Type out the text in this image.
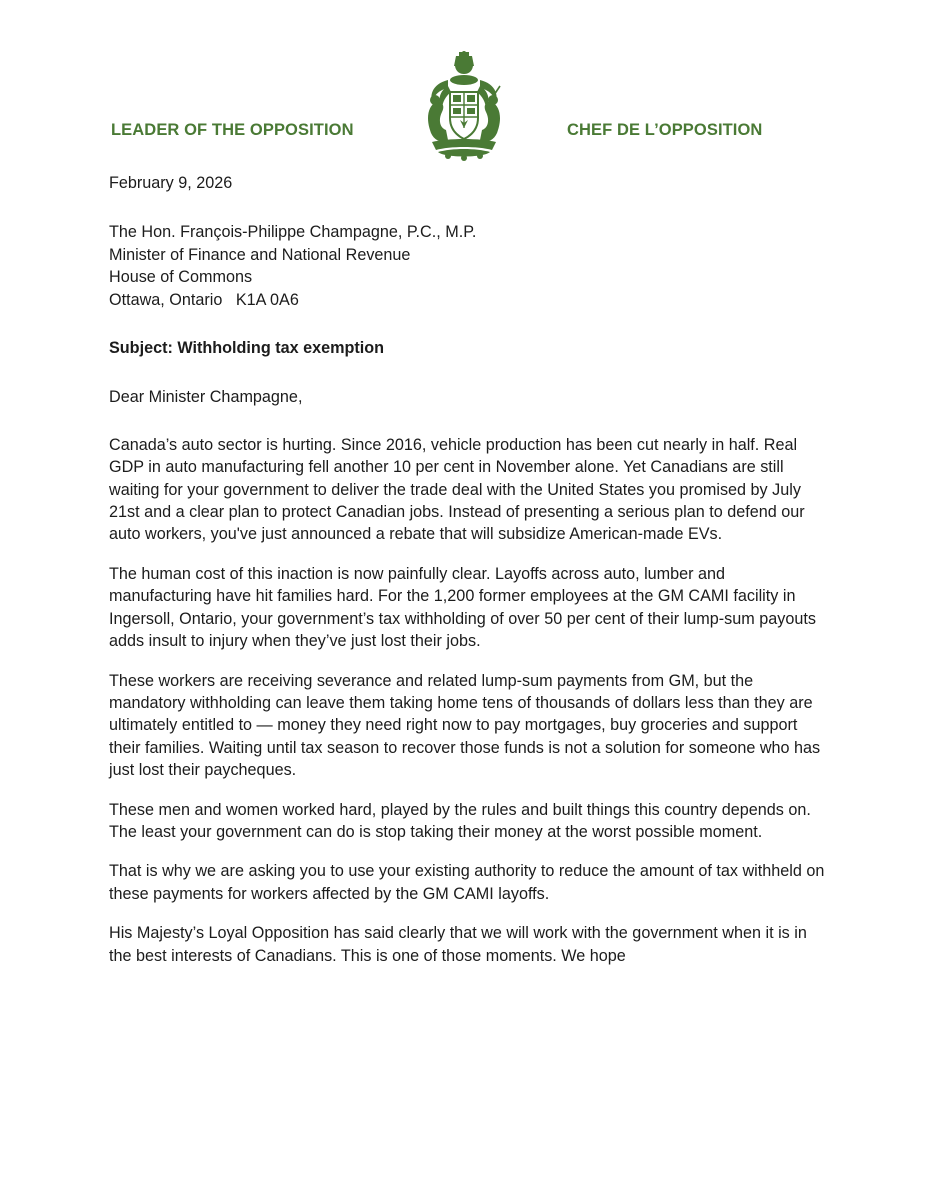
LEADER OF THE OPPOSITION	CHEF DE L’OPPOSITION
February 9, 2026
The Hon. François-Philippe Champagne, P.C., M.P.
Minister of Finance and National Revenue
House of Commons
Ottawa, Ontario   K1A 0A6
Subject: Withholding tax exemption
Dear Minister Champagne,

Canada’s auto sector is hurting. Since 2016, vehicle production has been cut nearly in half. Real GDP in auto manufacturing fell another 10 per cent in November alone. Yet Canadians are still waiting for your government to deliver the trade deal with the United States you promised by July 21st and a clear plan to protect Canadian jobs. Instead of presenting a serious plan to defend our auto workers, you've just announced a rebate that will subsidize American-made EVs.

The human cost of this inaction is now painfully clear. Layoffs across auto, lumber and manufacturing have hit families hard. For the 1,200 former employees at the GM CAMI facility in Ingersoll, Ontario, your government’s tax withholding of over 50 per cent of their lump-sum payouts adds insult to injury when they’ve just lost their jobs.

These workers are receiving severance and related lump-sum payments from GM, but the mandatory withholding can leave them taking home tens of thousands of dollars less than they are ultimately entitled to — money they need right now to pay mortgages, buy groceries and support their families. Waiting until tax season to recover those funds is not a solution for someone who has just lost their paycheques.

These men and women worked hard, played by the rules and built things this country depends on. The least your government can do is stop taking their money at the worst possible moment.

That is why we are asking you to use your existing authority to reduce the amount of tax withheld on these payments for workers affected by the GM CAMI layoffs.

His Majesty’s Loyal Opposition has said clearly that we will work with the government when it is in the best interests of Canadians. This is one of those moments. We hope
